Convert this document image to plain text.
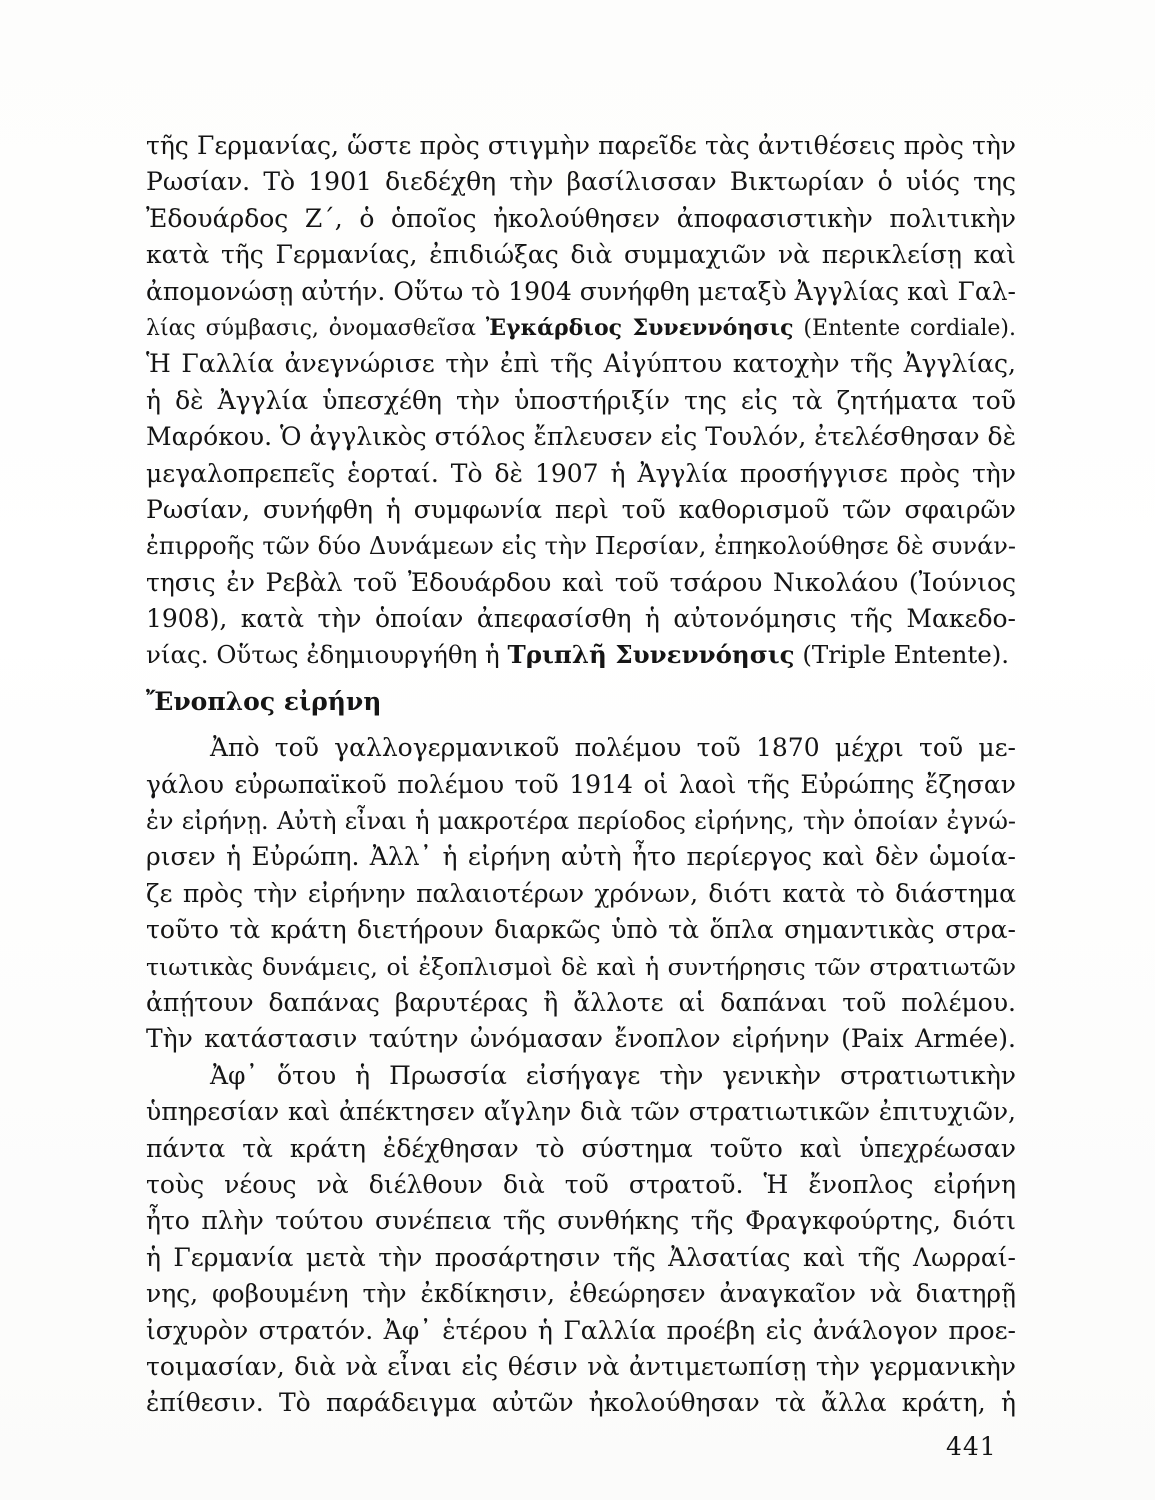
τῆς Γερμανίας, ὥστε πρὸς στιγμὴν παρεῖδε τὰς ἀντιθέσεις πρὸς τὴν
Ρωσίαν. Τὸ 1901 διεδέχθη τὴν βασίλισσαν Βικτωρίαν ὁ υἱός της
Ἐδουάρδος Ζ΄, ὁ ὁποῖος ἠκολούθησεν ἀποφασιστικὴν πολιτικὴν
κατὰ τῆς Γερμανίας, ἐπιδιώξας διὰ συμμαχιῶν νὰ περικλείσῃ καὶ
ἀπομονώσῃ αὐτήν. Οὕτω τὸ 1904 συνήφθη μεταξὺ Ἀγγλίας καὶ Γαλ-
λίας σύμβασις, ὀνομασθεῖσα Ἐγκάρδιος Συνεννόησις (Entente cordiale).
Ἡ Γαλλία ἀνεγνώρισε τὴν ἐπὶ τῆς Αἰγύπτου κατοχὴν τῆς Ἀγγλίας,
ἡ δὲ Ἀγγλία ὑπεσχέθη τὴν ὑποστήριξίν της εἰς τὰ ζητήματα τοῦ
Μαρόκου. Ὁ ἀγγλικὸς στόλος ἔπλευσεν εἰς Τουλόν, ἐτελέσθησαν δὲ
μεγαλοπρεπεῖς ἑορταί. Τὸ δὲ 1907 ἡ Ἀγγλία προσήγγισε πρὸς τὴν
Ρωσίαν, συνήφθη ἡ συμφωνία περὶ τοῦ καθορισμοῦ τῶν σφαιρῶν
ἐπιρροῆς τῶν δύο Δυνάμεων εἰς τὴν Περσίαν, ἐπηκολούθησε δὲ συνάν-
τησις ἐν Ρεβὰλ τοῦ Ἐδουάρδου καὶ τοῦ τσάρου Νικολάου (Ἰούνιος
1908), κατὰ τὴν ὁποίαν ἀπεφασίσθη ἡ αὐτονόμησις τῆς Μακεδο-
νίας. Οὕτως ἐδημιουργήθη ἡ Τριπλῆ Συνεννόησις (Triple Entente).
Ἔνοπλος εἰρήνη
Ἀπὸ τοῦ γαλλογερμανικοῦ πολέμου τοῦ 1870 μέχρι τοῦ με-
γάλου εὐρωπαϊκοῦ πολέμου τοῦ 1914 οἱ λαοὶ τῆς Εὐρώπης ἔζησαν
ἐν εἰρήνῃ. Αὐτὴ εἶναι ἡ μακροτέρα περίοδος εἰρήνης, τὴν ὁποίαν ἐγνώ-
ρισεν ἡ Εὐρώπη. Ἀλλ᾽ ἡ εἰρήνη αὐτὴ ἦτο περίεργος καὶ δὲν ὡμοία-
ζε πρὸς τὴν εἰρήνην παλαιοτέρων χρόνων, διότι κατὰ τὸ διάστημα
τοῦτο τὰ κράτη διετήρουν διαρκῶς ὑπὸ τὰ ὅπλα σημαντικὰς στρα-
τιωτικὰς δυνάμεις, οἱ ἐξοπλισμοὶ δὲ καὶ ἡ συντήρησις τῶν στρατιωτῶν
ἀπῄτουν δαπάνας βαρυτέρας ἢ ἄλλοτε αἱ δαπάναι τοῦ πολέμου.
Τὴν κατάστασιν ταύτην ὠνόμασαν ἔνοπλον εἰρήνην (Paix Armée).
Ἀφ᾽ ὅτου ἡ Πρωσσία εἰσήγαγε τὴν γενικὴν στρατιωτικὴν
ὑπηρεσίαν καὶ ἀπέκτησεν αἴγλην διὰ τῶν στρατιωτικῶν ἐπιτυχιῶν,
πάντα τὰ κράτη ἐδέχθησαν τὸ σύστημα τοῦτο καὶ ὑπεχρέωσαν
τοὺς νέους νὰ διέλθουν διὰ τοῦ στρατοῦ. Ἡ ἔνοπλος εἰρήνη
ἦτο πλὴν τούτου συνέπεια τῆς συνθήκης τῆς Φραγκφούρτης, διότι
ἡ Γερμανία μετὰ τὴν προσάρτησιν τῆς Ἀλσατίας καὶ τῆς Λωρραί-
νης, φοβουμένη τὴν ἐκδίκησιν, ἐθεώρησεν ἀναγκαῖον νὰ διατηρῇ
ἰσχυρὸν στρατόν. Ἀφ᾽ ἑτέρου ἡ Γαλλία προέβη εἰς ἀνάλογον προε-
τοιμασίαν, διὰ νὰ εἶναι εἰς θέσιν νὰ ἀντιμετωπίσῃ τὴν γερμανικὴν
ἐπίθεσιν. Τὸ παράδειγμα αὐτῶν ἠκολούθησαν τὰ ἄλλα κράτη, ἡ
441
